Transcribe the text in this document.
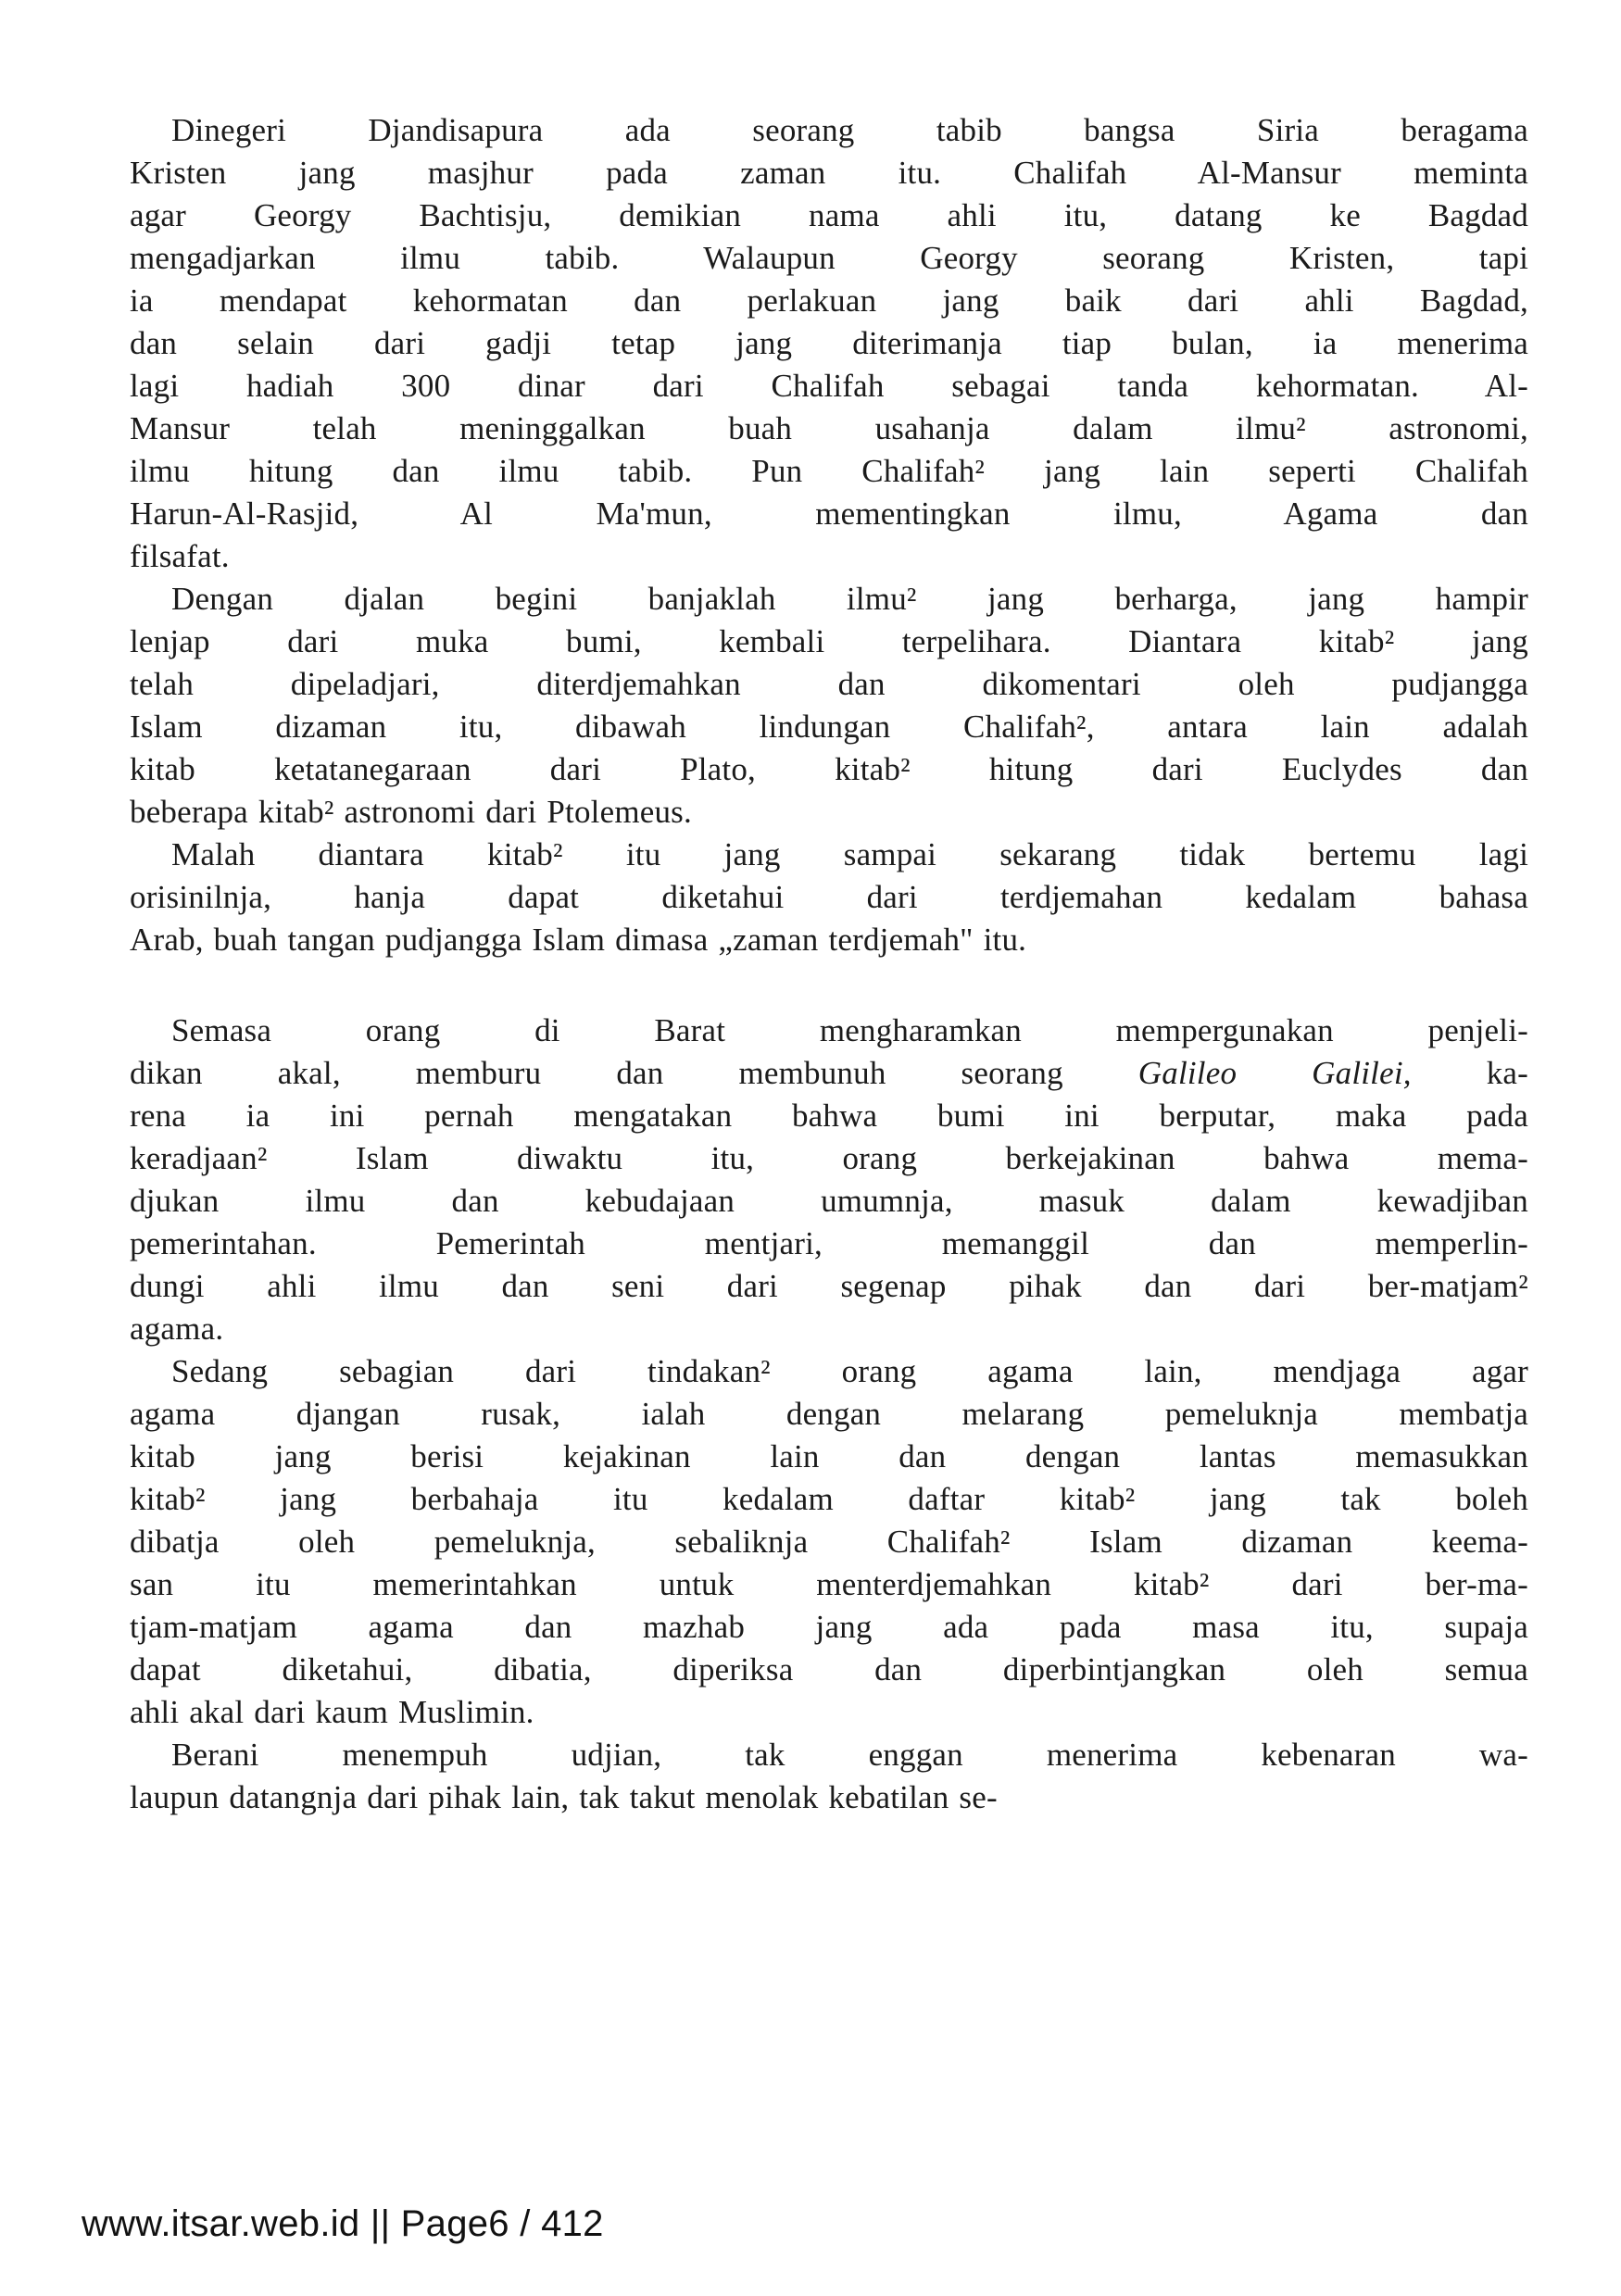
Dinegeri Djandisapura ada seorang tabib bangsa Siria beragama
Kristen jang masjhur pada zaman itu. Chalifah Al-Mansur meminta
agar Georgy Bachtisju, demikian nama ahli itu, datang ke Bagdad
mengadjarkan ilmu tabib. Walaupun Georgy seorang Kristen, tapi
ia mendapat kehormatan dan perlakuan jang baik dari ahli Bagdad,
dan selain dari gadji tetap jang diterimanja tiap bulan, ia menerima
lagi hadiah 300 dinar dari Chalifah sebagai tanda kehormatan. Al-
Mansur telah meninggalkan buah usahanja dalam ilmu² astronomi,
ilmu hitung dan ilmu tabib. Pun Chalifah² jang lain seperti Chalifah
Harun-Al-Rasjid, Al Ma'mun, mementingkan ilmu, Agama dan
filsafat.
Dengan djalan begini banjaklah ilmu² jang berharga, jang hampir
lenjap dari muka bumi, kembali terpelihara. Diantara kitab² jang
telah dipeladjari, diterdjemahkan dan dikomentari oleh pudjangga
Islam dizaman itu, dibawah lindungan Chalifah², antara lain adalah
kitab ketatanegaraan dari Plato, kitab² hitung dari Euclydes dan
beberapa kitab² astronomi dari Ptolemeus.
Malah diantara kitab² itu jang sampai sekarang tidak bertemu lagi
orisinilnja, hanja dapat diketahui dari terdjemahan kedalam bahasa
Arab, buah tangan pudjangga Islam dimasa „zaman terdjemah" itu.
Semasa orang di Barat mengharamkan mempergunakan penjeli-
dikan akal, memburu dan membunuh seorang Galileo Galilei, ka-
rena ia ini pernah mengatakan bahwa bumi ini berputar, maka pada
keradjaan² Islam diwaktu itu, orang berkejakinan bahwa mema-
djukan ilmu dan kebudajaan umumnja, masuk dalam kewadjiban
pemerintahan. Pemerintah mentjari, memanggil dan memperlin-
dungi ahli ilmu dan seni dari segenap pihak dan dari ber-matjam²
agama.
Sedang sebagian dari tindakan² orang agama lain, mendjaga agar
agama djangan rusak, ialah dengan melarang pemeluknja membatja
kitab jang berisi kejakinan lain dan dengan lantas memasukkan
kitab² jang berbahaja itu kedalam daftar kitab² jang tak boleh
dibatja oleh pemeluknja, sebaliknja Chalifah² Islam dizaman keema-
san itu memerintahkan untuk menterdjemahkan kitab² dari ber-ma-
tjam-matjam agama dan mazhab jang ada pada masa itu, supaja
dapat diketahui, dibatia, diperiksa dan diperbintjangkan oleh semua
ahli akal dari kaum Muslimin.
Berani menempuh udjian, tak enggan menerima kebenaran wa-
laupun datangnja dari pihak lain, tak takut menolak kebatilan se-
www.itsar.web.id || Page6 / 412
